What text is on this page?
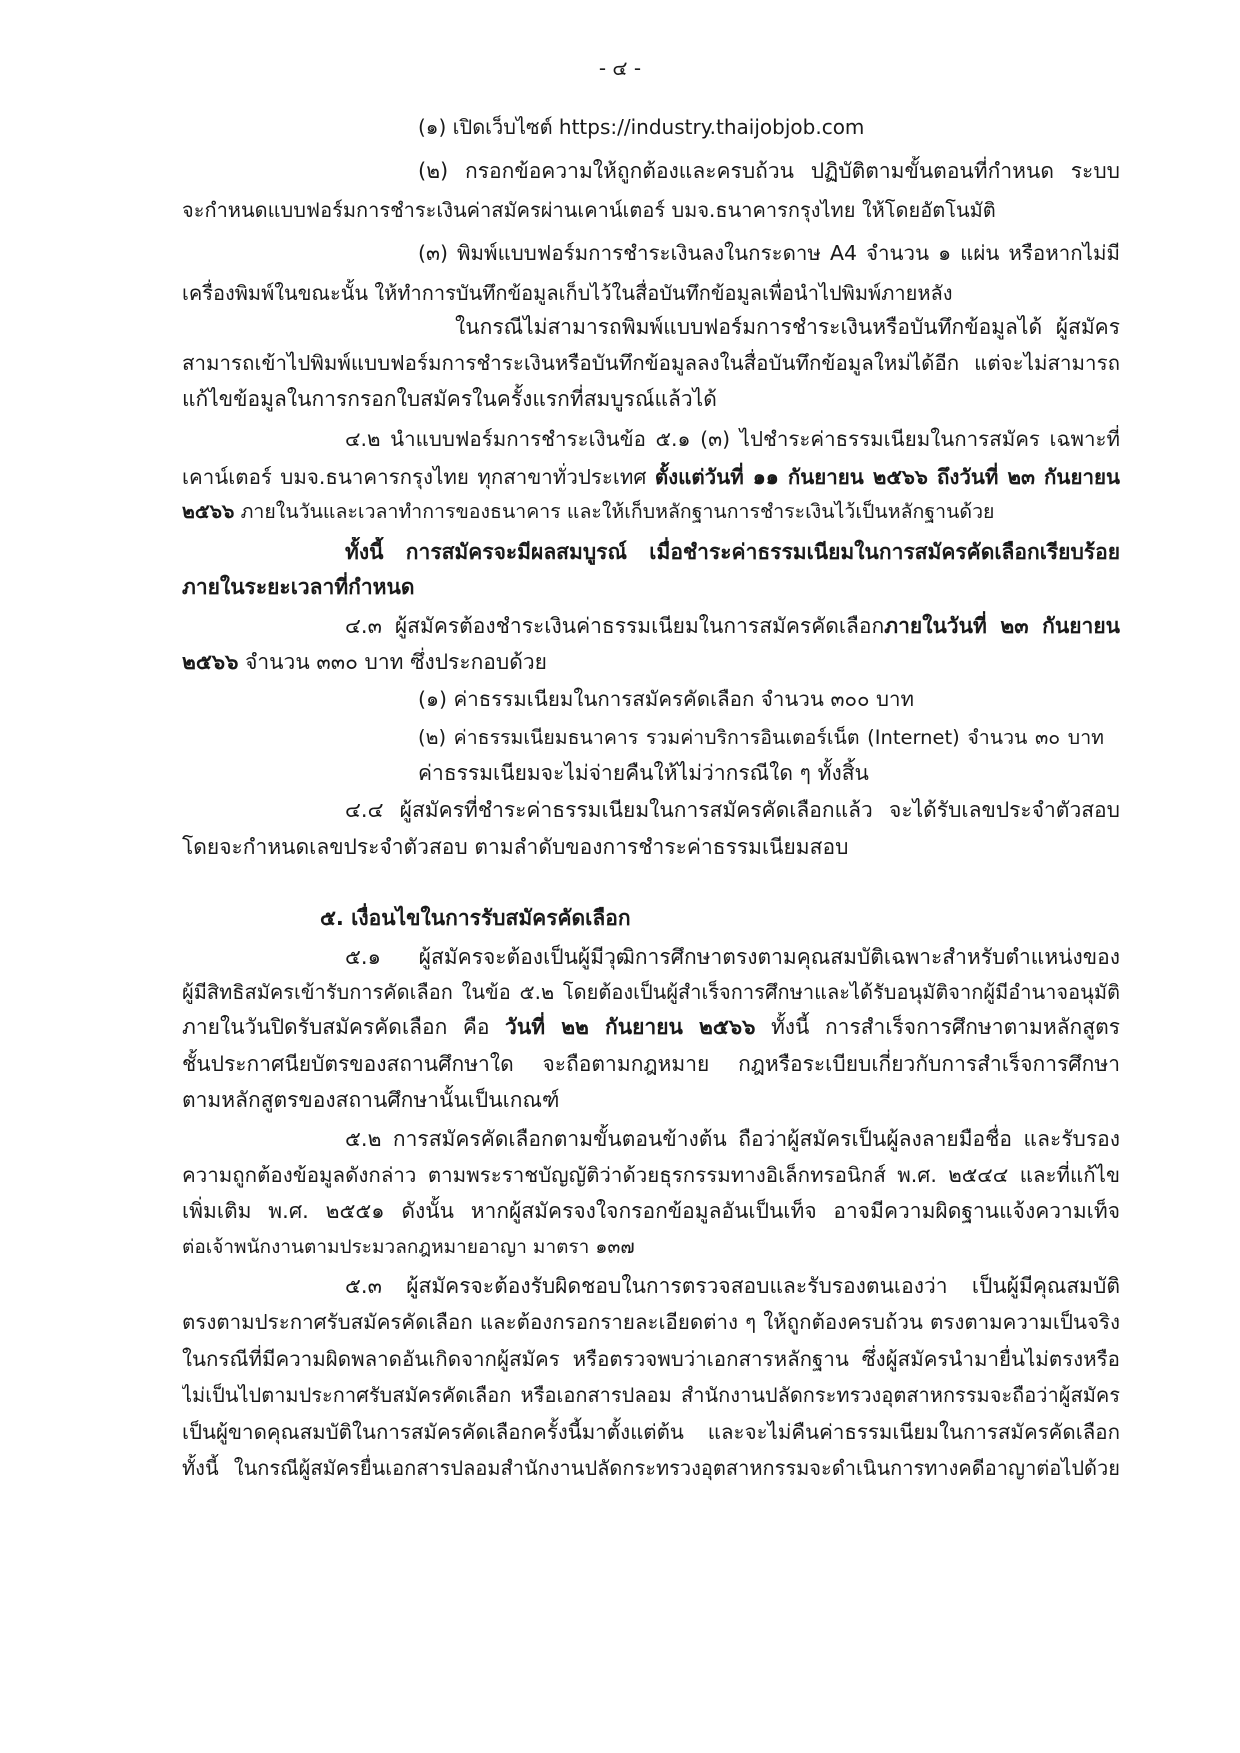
- ๔ -
(๑) เปิดเว็บไซต์ https://industry.thaijobjob.com
(๒) กรอกข้อความให้ถูกต้องและครบถ้วน ปฏิบัติตามขั้นตอนที่กำหนด ระบบ
จะกำหนดแบบฟอร์มการชำระเงินค่าสมัครผ่านเคาน์เตอร์ บมจ.ธนาคารกรุงไทย ให้โดยอัตโนมัติ
(๓) พิมพ์แบบฟอร์มการชำระเงินลงในกระดาษ A4 จำนวน ๑ แผ่น หรือหากไม่มี
เครื่องพิมพ์ในขณะนั้น ให้ทำการบันทึกข้อมูลเก็บไว้ในสื่อบันทึกข้อมูลเพื่อนำไปพิมพ์ภายหลัง
ในกรณีไม่สามารถพิมพ์แบบฟอร์มการชำระเงินหรือบันทึกข้อมูลได้ ผู้สมัคร
สามารถเข้าไปพิมพ์แบบฟอร์มการชำระเงินหรือบันทึกข้อมูลลงในสื่อบันทึกข้อมูลใหม่ได้อีก แต่จะไม่สามารถ
แก้ไขข้อมูลในการกรอกใบสมัครในครั้งแรกที่สมบูรณ์แล้วได้
๔.๒ นำแบบฟอร์มการชำระเงินข้อ ๕.๑ (๓) ไปชำระค่าธรรมเนียมในการสมัคร เฉพาะที่
เคาน์เตอร์ บมจ.ธนาคารกรุงไทย ทุกสาขาทั่วประเทศ ตั้งแต่วันที่ ๑๑ กันยายน ๒๕๖๖ ถึงวันที่ ๒๓ กันยายน
๒๕๖๖ ภายในวันและเวลาทำการของธนาคาร และให้เก็บหลักฐานการชำระเงินไว้เป็นหลักฐานด้วย
ทั้งนี้ การสมัครจะมีผลสมบูรณ์ เมื่อชำระค่าธรรมเนียมในการสมัครคัดเลือกเรียบร้อย
ภายในระยะเวลาที่กำหนด
๔.๓ ผู้สมัครต้องชำระเงินค่าธรรมเนียมในการสมัครคัดเลือกภายในวันที่ ๒๓ กันยายน
๒๕๖๖ จำนวน ๓๓๐ บาท ซึ่งประกอบด้วย
(๑) ค่าธรรมเนียมในการสมัครคัดเลือก จำนวน ๓๐๐ บาท
(๒) ค่าธรรมเนียมธนาคาร รวมค่าบริการอินเตอร์เน็ต (Internet) จำนวน ๓๐ บาท
ค่าธรรมเนียมจะไม่จ่ายคืนให้ไม่ว่ากรณีใด ๆ ทั้งสิ้น
๔.๔ ผู้สมัครที่ชำระค่าธรรมเนียมในการสมัครคัดเลือกแล้ว จะได้รับเลขประจำตัวสอบ
โดยจะกำหนดเลขประจำตัวสอบ ตามลำดับของการชำระค่าธรรมเนียมสอบ
๕. เงื่อนไขในการรับสมัครคัดเลือก
๕.๑ ผู้สมัครจะต้องเป็นผู้มีวุฒิการศึกษาตรงตามคุณสมบัติเฉพาะสำหรับตำแหน่งของ
ผู้มีสิทธิสมัครเข้ารับการคัดเลือก ในข้อ ๕.๒ โดยต้องเป็นผู้สำเร็จการศึกษาและได้รับอนุมัติจากผู้มีอำนาจอนุมัติ
ภายในวันปิดรับสมัครคัดเลือก คือ วันที่ ๒๒ กันยายน ๒๕๖๖ ทั้งนี้ การสำเร็จการศึกษาตามหลักสูตร
ชั้นประกาศนียบัตรของสถานศึกษาใด จะถือตามกฎหมาย กฎหรือระเบียบเกี่ยวกับการสำเร็จการศึกษา
ตามหลักสูตรของสถานศึกษานั้นเป็นเกณฑ์
๕.๒ การสมัครคัดเลือกตามขั้นตอนข้างต้น ถือว่าผู้สมัครเป็นผู้ลงลายมือชื่อ และรับรอง
ความถูกต้องข้อมูลดังกล่าว ตามพระราชบัญญัติว่าด้วยธุรกรรมทางอิเล็กทรอนิกส์ พ.ศ. ๒๕๔๔ และที่แก้ไข
เพิ่มเติม พ.ศ. ๒๕๕๑ ดังนั้น หากผู้สมัครจงใจกรอกข้อมูลอันเป็นเท็จ อาจมีความผิดฐานแจ้งความเท็จ
ต่อเจ้าพนักงานตามประมวลกฎหมายอาญา มาตรา ๑๓๗
๕.๓ ผู้สมัครจะต้องรับผิดชอบในการตรวจสอบและรับรองตนเองว่า เป็นผู้มีคุณสมบัติ
ตรงตามประกาศรับสมัครคัดเลือก และต้องกรอกรายละเอียดต่าง ๆ ให้ถูกต้องครบถ้วน ตรงตามความเป็นจริง
ในกรณีที่มีความผิดพลาดอันเกิดจากผู้สมัคร หรือตรวจพบว่าเอกสารหลักฐาน ซึ่งผู้สมัครนำมายื่นไม่ตรงหรือ
ไม่เป็นไปตามประกาศรับสมัครคัดเลือก หรือเอกสารปลอม สำนักงานปลัดกระทรวงอุตสาหกรรมจะถือว่าผู้สมัคร
เป็นผู้ขาดคุณสมบัติในการสมัครคัดเลือกครั้งนี้มาตั้งแต่ต้น และจะไม่คืนค่าธรรมเนียมในการสมัครคัดเลือก
ทั้งนี้ ในกรณีผู้สมัครยื่นเอกสารปลอมสำนักงานปลัดกระทรวงอุตสาหกรรมจะดำเนินการทางคดีอาญาต่อไปด้วย
